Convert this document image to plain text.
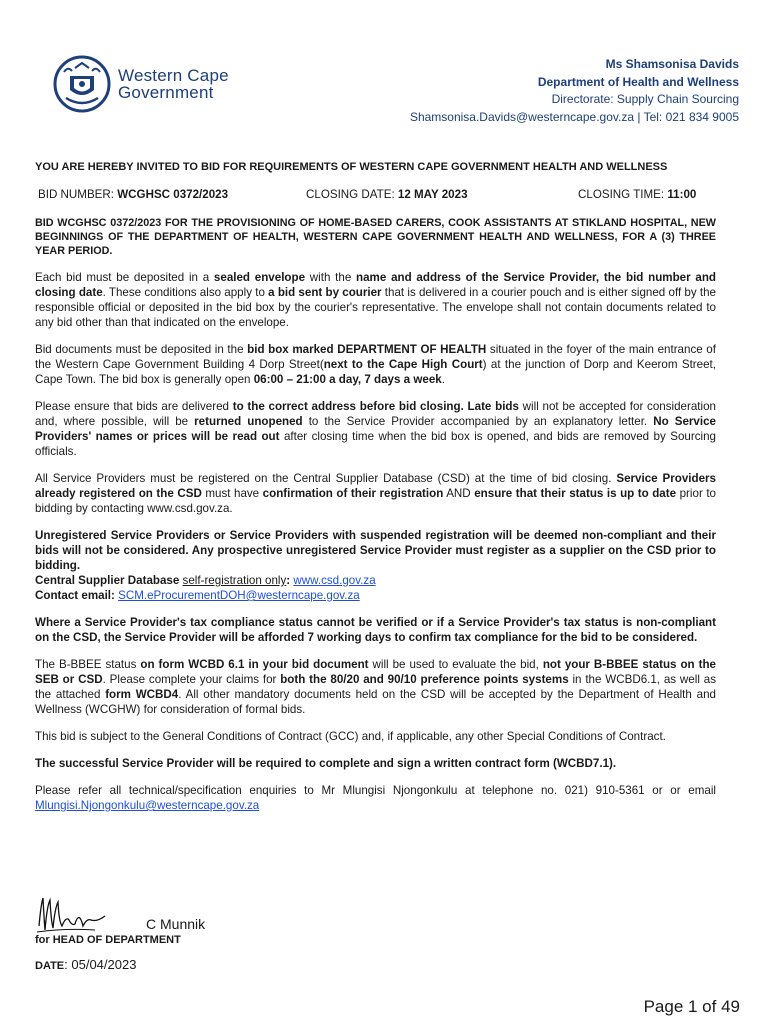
Western Cape
Government
Ms Shamsonisa Davids
Department of Health and Wellness
Directorate: Supply Chain Sourcing
Shamsonisa.Davids@westerncape.gov.za | Tel: 021 834 9005

YOU ARE HEREBY INVITED TO BID FOR REQUIREMENTS OF WESTERN CAPE GOVERNMENT HEALTH AND WELLNESS

BID NUMBER: WCGHSC 0372/2023	CLOSING DATE: 12 MAY 2023	CLOSING TIME: 11:00

BID WCGHSC 0372/2023 FOR THE PROVISIONING OF HOME-BASED CARERS, COOK ASSISTANTS AT STIKLAND HOSPITAL, NEW BEGINNINGS OF THE DEPARTMENT OF HEALTH, WESTERN CAPE GOVERNMENT HEALTH AND WELLNESS, FOR A (3) THREE YEAR PERIOD.

Each bid must be deposited in a sealed envelope with the name and address of the Service Provider, the bid number and closing date. These conditions also apply to a bid sent by courier that is delivered in a courier pouch and is either signed off by the responsible official or deposited in the bid box by the courier's representative. The envelope shall not contain documents related to any bid other than that indicated on the envelope.

Bid documents must be deposited in the bid box marked DEPARTMENT OF HEALTH situated in the foyer of the main entrance of the Western Cape Government Building 4 Dorp Street(next to the Cape High Court) at the junction of Dorp and Keerom Street, Cape Town. The bid box is generally open 06:00 – 21:00 a day, 7 days a week.

Please ensure that bids are delivered to the correct address before bid closing. Late bids will not be accepted for consideration and, where possible, will be returned unopened to the Service Provider accompanied by an explanatory letter. No Service Providers' names or prices will be read out after closing time when the bid box is opened, and bids are removed by Sourcing officials.

All Service Providers must be registered on the Central Supplier Database (CSD) at the time of bid closing. Service Providers already registered on the CSD must have confirmation of their registration AND ensure that their status is up to date prior to bidding by contacting www.csd.gov.za.

Unregistered Service Providers or Service Providers with suspended registration will be deemed non-compliant and their bids will not be considered. Any prospective unregistered Service Provider must register as a supplier on the CSD prior to bidding.
Central Supplier Database self-registration only: www.csd.gov.za
Contact email: SCM.eProcurementDOH@westerncape.gov.za

Where a Service Provider's tax compliance status cannot be verified or if a Service Provider's tax status is non-compliant on the CSD, the Service Provider will be afforded 7 working days to confirm tax compliance for the bid to be considered.

The B-BBEE status on form WCBD 6.1 in your bid document will be used to evaluate the bid, not your B-BBEE status on the SEB or CSD. Please complete your claims for both the 80/20 and 90/10 preference points systems in the WCBD6.1, as well as the attached form WCBD4. All other mandatory documents held on the CSD will be accepted by the Department of Health and Wellness (WCGHW) for consideration of formal bids.

This bid is subject to the General Conditions of Contract (GCC) and, if applicable, any other Special Conditions of Contract.

The successful Service Provider will be required to complete and sign a written contract form (WCBD7.1).

Please refer all technical/specification enquiries to Mr Mlungisi Njongonkulu at telephone no. 021) 910-5361 or or email Mlungisi.Njongonkulu@westerncape.gov.za

C Munnik
for HEAD OF DEPARTMENT
DATE: 05/04/2023
Page 1 of 49
